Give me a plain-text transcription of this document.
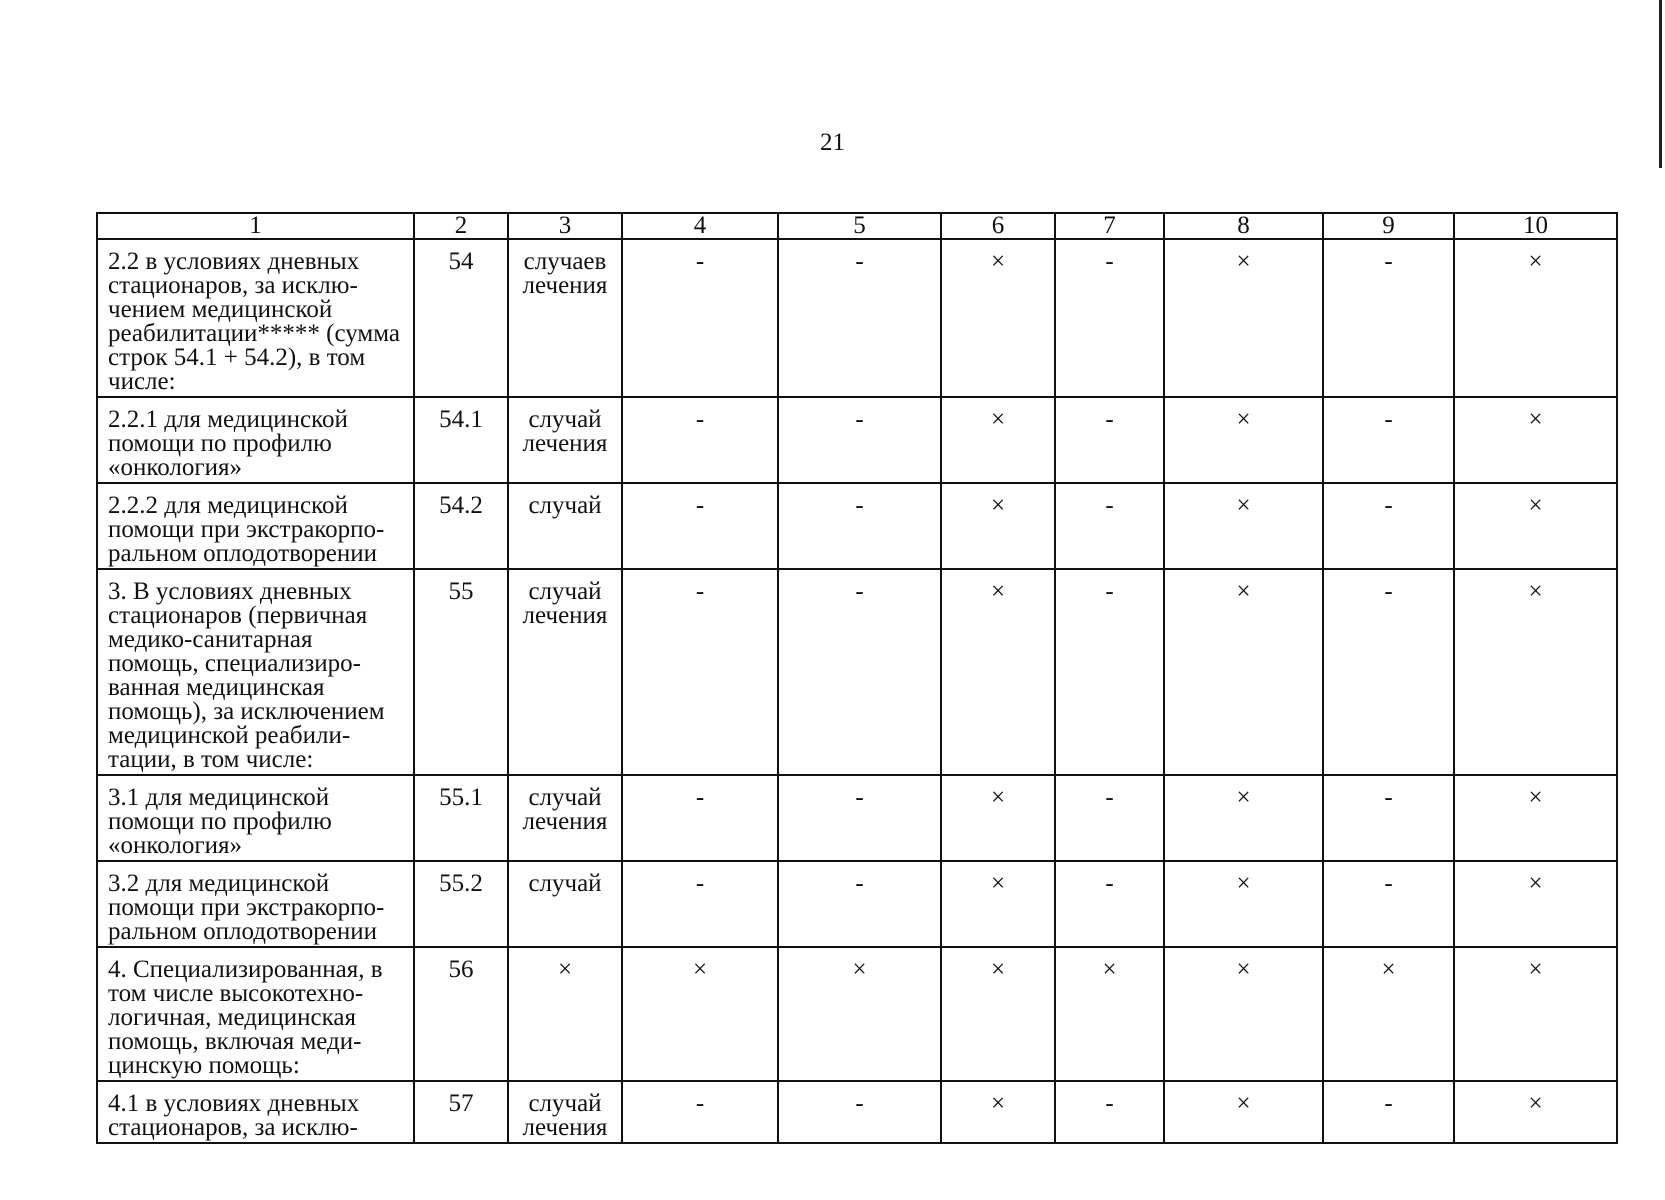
21
1	2	3	4	5	6	7	8	9	10
2.2 в условиях дневных стационаров, за исклю-чением медицинской реабилитации***** (сумма строк 54.1 + 54.2), в том числе:	54	случаев лечения	-	-	×	-	×	-	×
2.2.1 для медицинской помощи по профилю «онкология»	54.1	случай лечения	-	-	×	-	×	-	×
2.2.2 для медицинской помощи при экстракорпо-ральном оплодотворении	54.2	случай	-	-	×	-	×	-	×
3. В условиях дневных стационаров (первичная медико-санитарная помощь, специализиро-ванная медицинская помощь), за исключением медицинской реабили-тации, в том числе:	55	случай лечения	-	-	×	-	×	-	×
3.1 для медицинской помощи по профилю «онкология»	55.1	случай лечения	-	-	×	-	×	-	×
3.2 для медицинской помощи при экстракорпо-ральном оплодотворении	55.2	случай	-	-	×	-	×	-	×
4. Специализированная, в том числе высокотехно-логичная, медицинская помощь, включая меди-цинскую помощь:	56	×	×	×	×	×	×	×	×
4.1 в условиях дневных стационаров, за исклю-	57	случай лечения	-	-	×	-	×	-	×
